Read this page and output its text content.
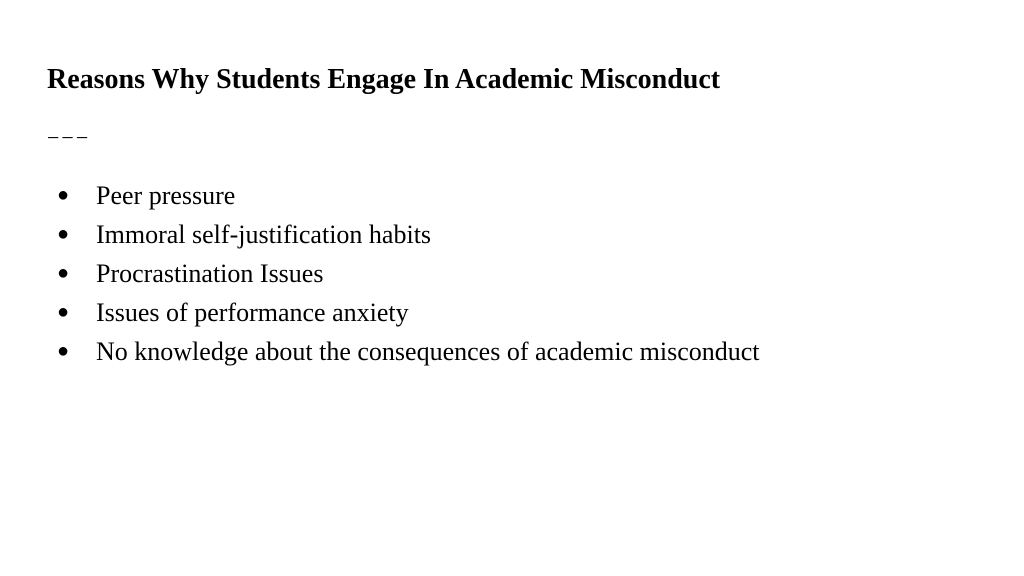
Reasons Why Students Engage In Academic Misconduct
−−−
● Peer pressure
● Immoral self-justification habits
● Procrastination Issues
● Issues of performance anxiety
● No knowledge about the consequences of academic misconduct
